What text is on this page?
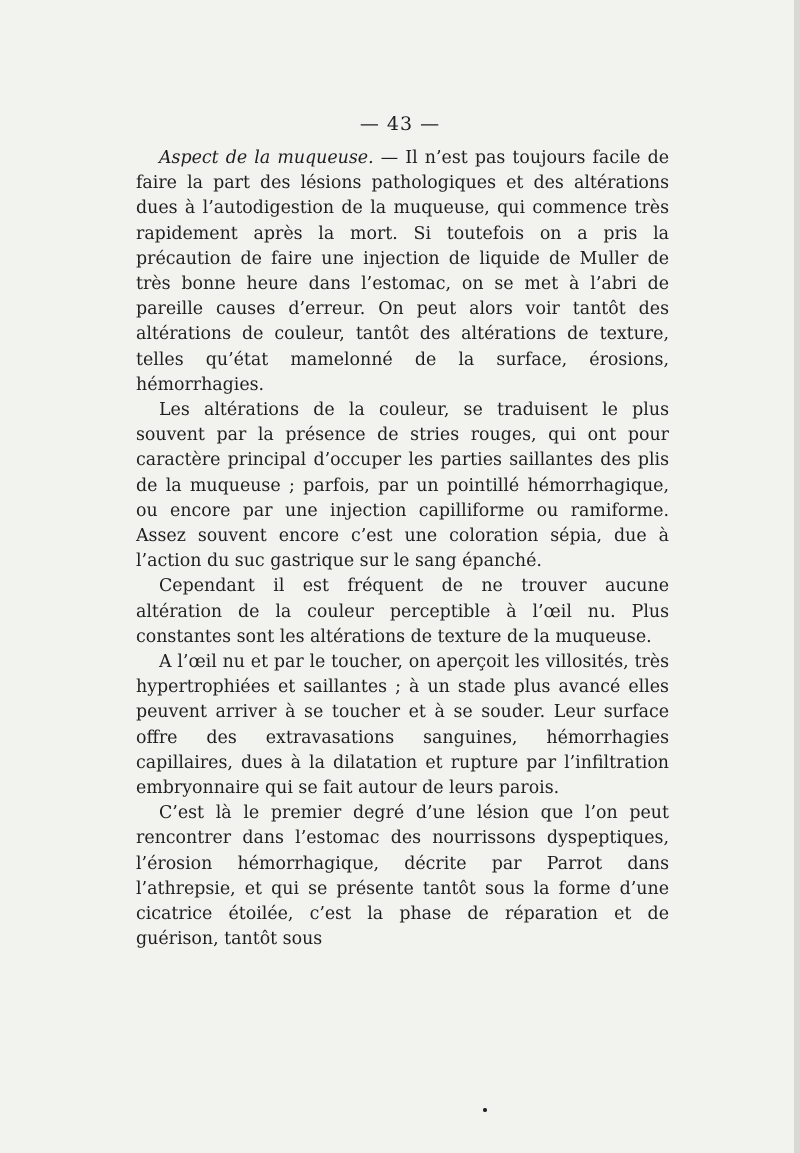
— 43 —

Aspect de la muqueuse. — Il n’est pas toujours facile de faire la part des lésions pathologiques et des altérations dues à l’autodigestion de la muqueuse, qui commence très rapidement après la mort. Si toutefois on a pris la précaution de faire une injection de liquide de Muller de très bonne heure dans l’estomac, on se met à l’abri de pareille causes d’erreur. On peut alors voir tantôt des altérations de couleur, tantôt des altérations de texture, telles qu’état mamelonné de la surface, érosions, hémorrhagies.

Les altérations de la couleur, se traduisent le plus souvent par la présence de stries rouges, qui ont pour caractère principal d’occuper les parties saillantes des plis de la muqueuse ; parfois, par un pointillé hémorrhagique, ou encore par une injection capilliforme ou ramiforme. Assez souvent encore c’est une coloration sépia, due à l’action du suc gastrique sur le sang épanché.

Cependant il est fréquent de ne trouver aucune altération de la couleur perceptible à l’œil nu. Plus constantes sont les altérations de texture de la muqueuse.

A l’œil nu et par le toucher, on aperçoit les villosités, très hypertrophiées et saillantes ; à un stade plus avancé elles peuvent arriver à se toucher et à se souder. Leur surface offre des extravasations sanguines, hémorrhagies capillaires, dues à la dilatation et rupture par l’infiltration embryonnaire qui se fait autour de leurs parois.

C’est là le premier degré d’une lésion que l’on peut rencontrer dans l’estomac des nourrissons dyspeptiques, l’érosion hémorrhagique, décrite par Parrot dans l’athrepsie, et qui se présente tantôt sous la forme d’une cicatrice étoilée, c’est la phase de réparation et de guérison, tantôt sous
